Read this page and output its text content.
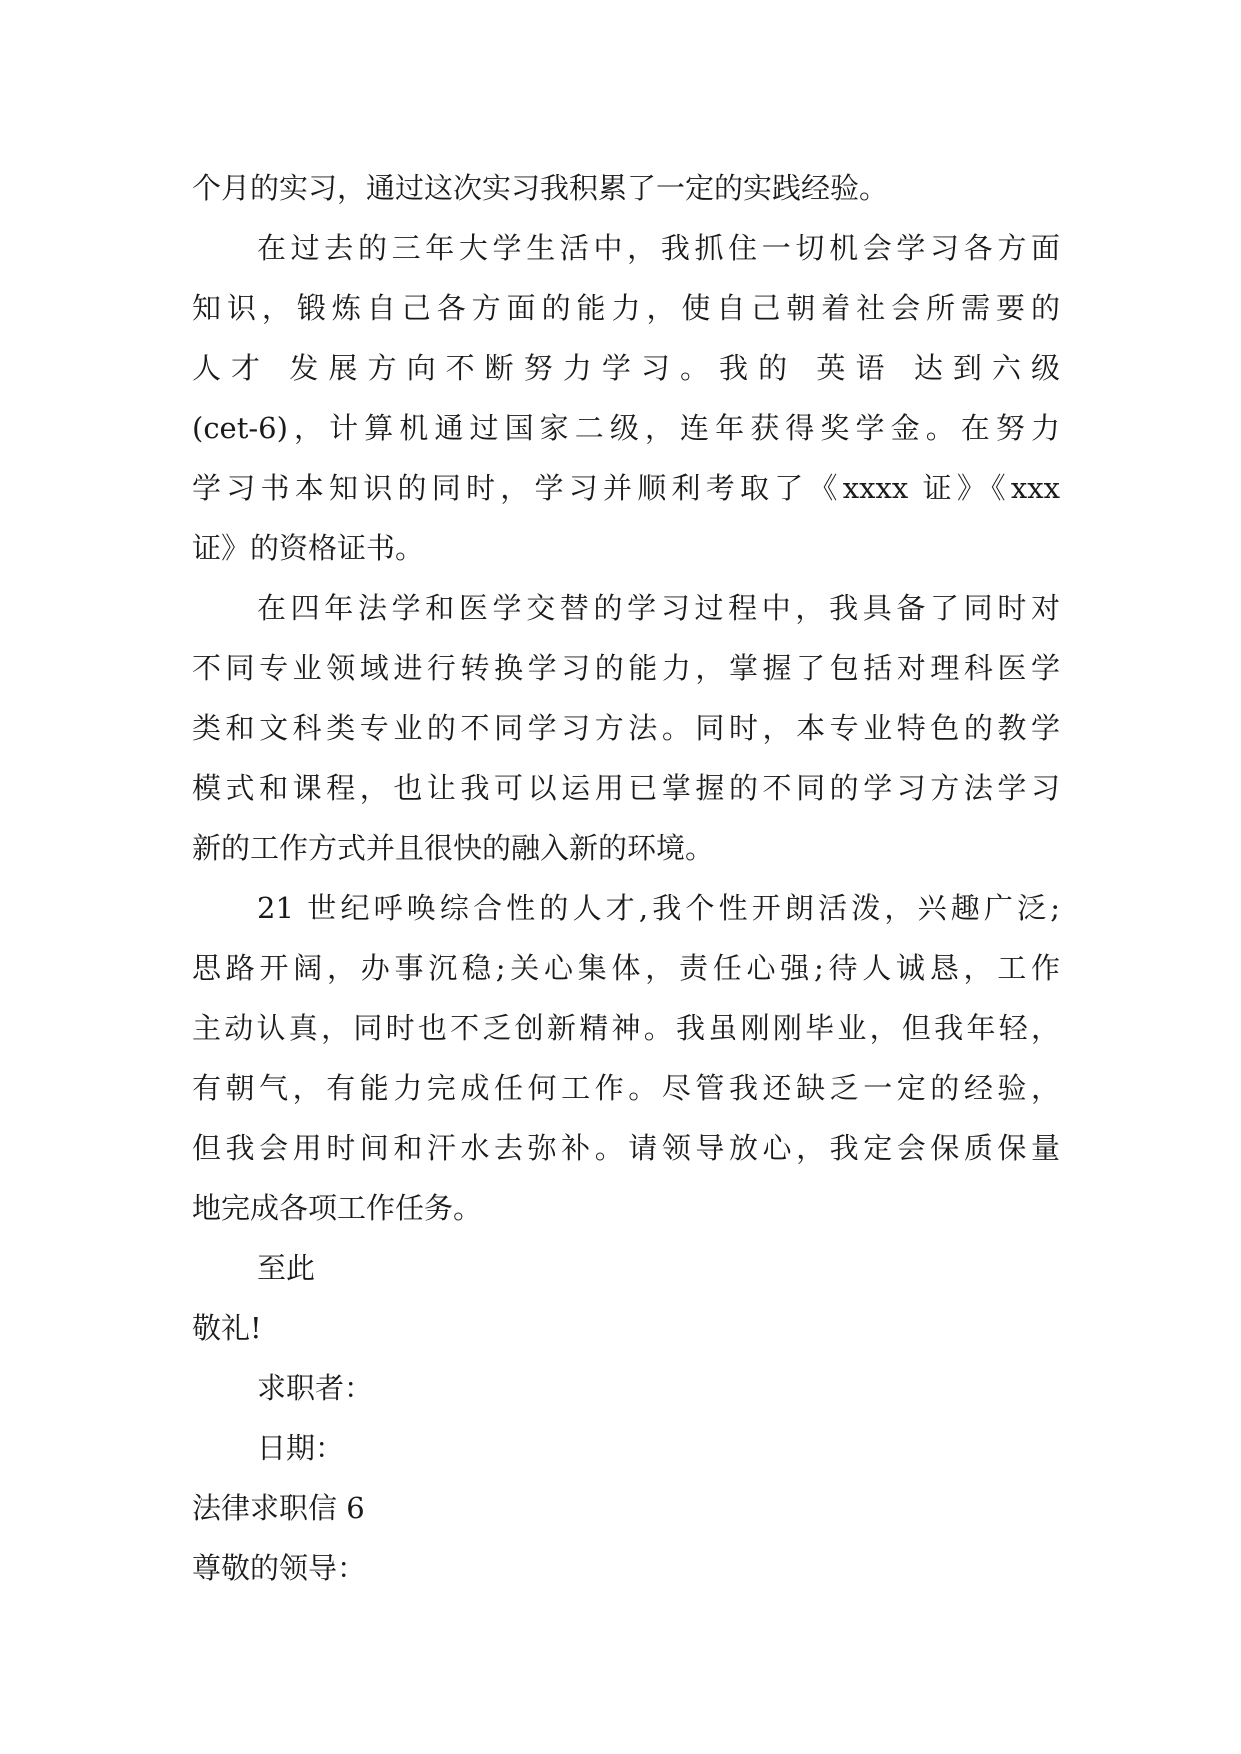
个月的实习，通过这次实习我积累了一定的实践经验。
在过去的三年大学生活中，我抓住一切机会学习各方面
知识，锻炼自己各方面的能力，使自己朝着社会所需要的
人才 发展方向不断努力学习。我的 英语 达到六级
(cet-6)，计算机通过国家二级，连年获得奖学金。在努力
学习书本知识的同时，学习并顺利考取了《xxxx 证》《xxx
证》的资格证书。
在四年法学和医学交替的学习过程中，我具备了同时对
不同专业领域进行转换学习的能力，掌握了包括对理科医学
类和文科类专业的不同学习方法。同时，本专业特色的教学
模式和课程，也让我可以运用已掌握的不同的学习方法学习
新的工作方式并且很快的融入新的环境。
21 世纪呼唤综合性的人才,我个性开朗活泼，兴趣广泛;
思路开阔，办事沉稳;关心集体，责任心强;待人诚恳，工作
主动认真，同时也不乏创新精神。我虽刚刚毕业，但我年轻，
有朝气，有能力完成任何工作。尽管我还缺乏一定的经验，
但我会用时间和汗水去弥补。请领导放心，我定会保质保量
地完成各项工作任务。
至此
敬礼!
求职者：
日期：
法律求职信 6
尊敬的领导：
